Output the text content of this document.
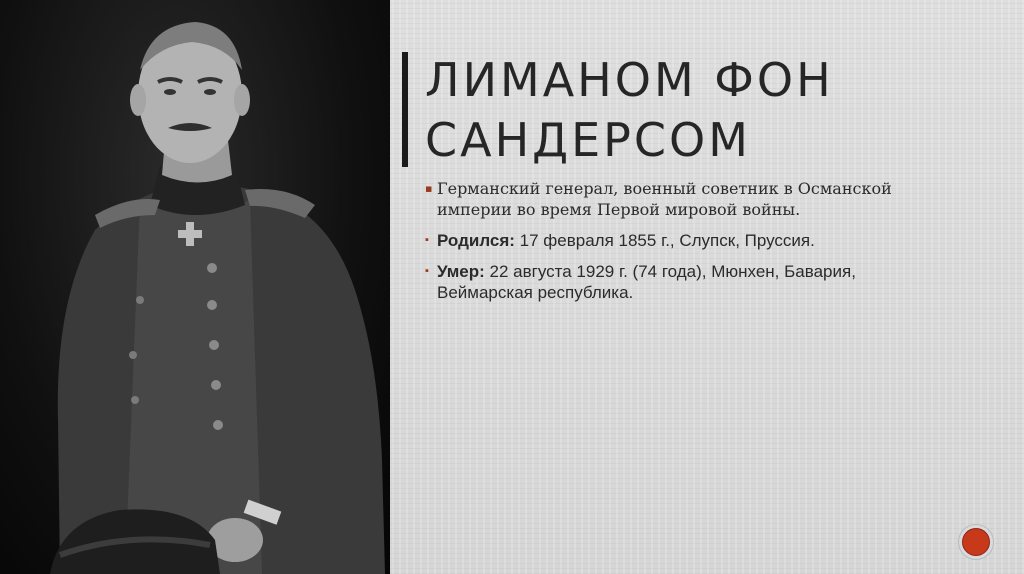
ЛИМАНОМ ФОН
САНДЕРСОМ
▪ Германский генерал, военный советник в Османской империи во время Первой мировой войны.
▪ Родился: 17 февраля 1855 г., Слупск, Пруссия.
▪ Умер: 22 августа 1929 г. (74 года), Мюнхен, Бавария, Веймарская республика.
